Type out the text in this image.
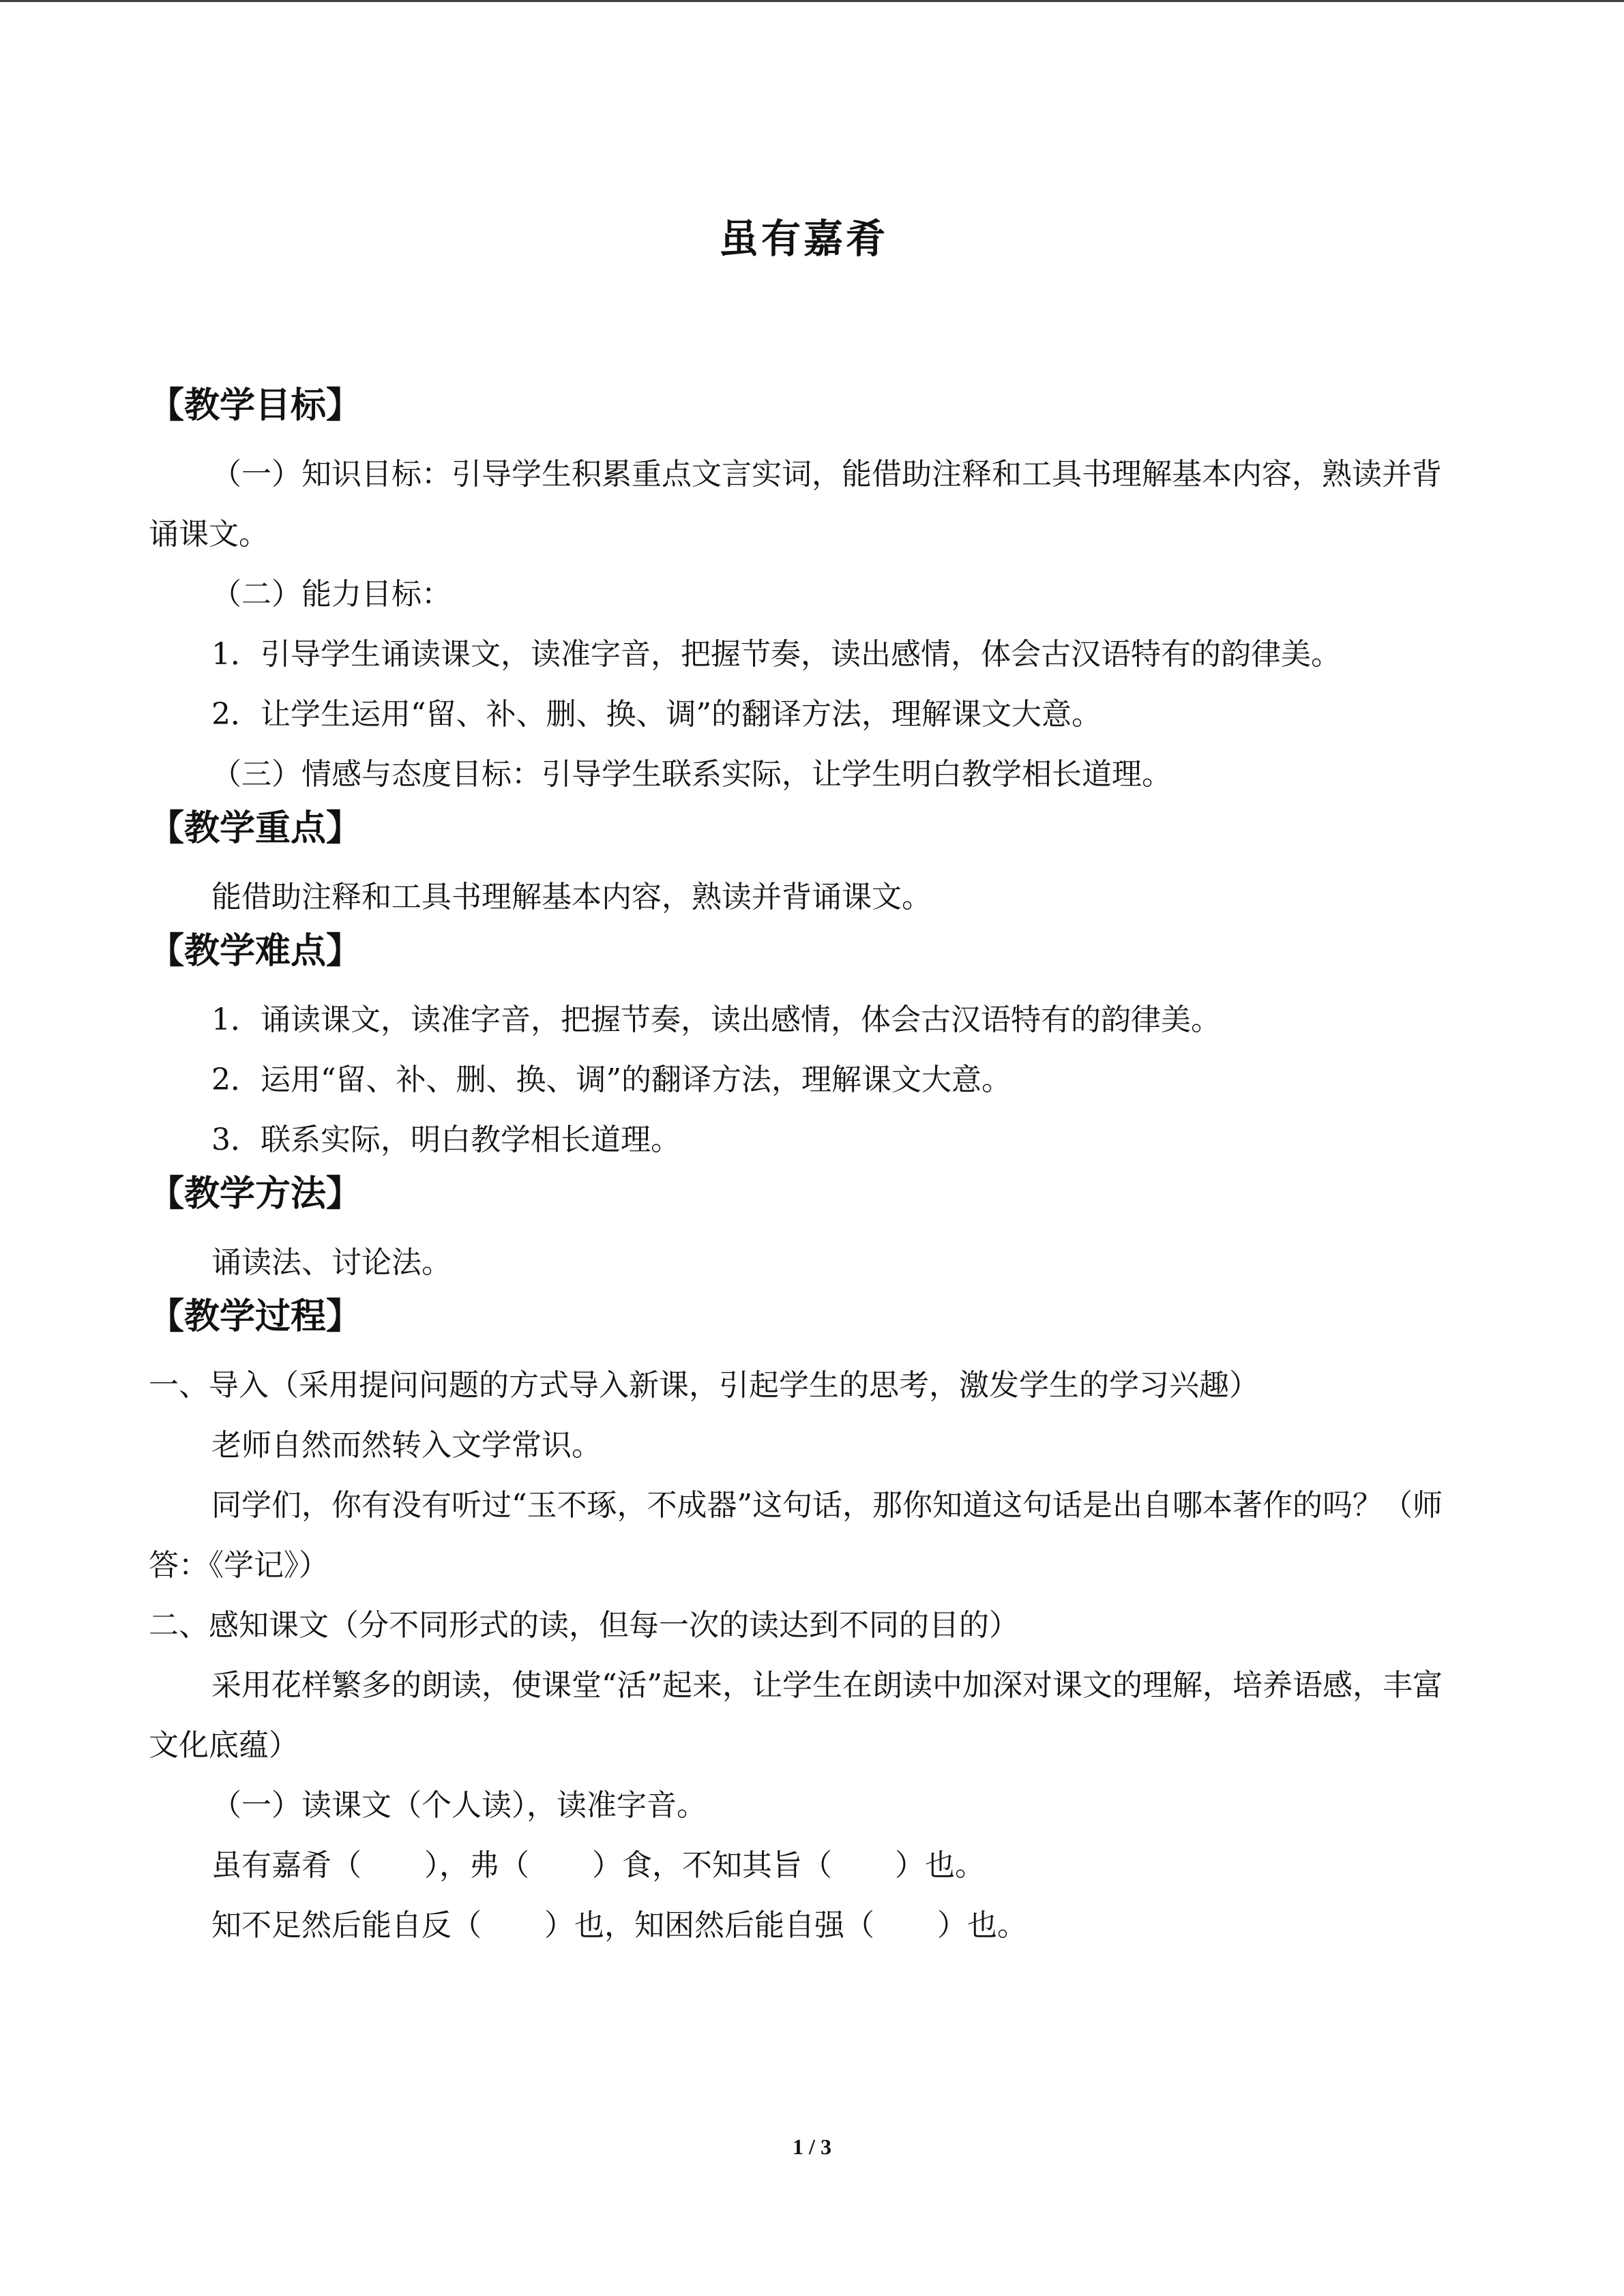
虽有嘉肴

【教学目标】

（一）知识目标：引导学生积累重点文言实词，能借助注释和工具书理解基本内容，熟读并背诵课文。

（二）能力目标：

1．引导学生诵读课文，读准字音，把握节奏，读出感情，体会古汉语特有的韵律美。

2．让学生运用“留、补、删、换、调”的翻译方法，理解课文大意。

（三）情感与态度目标：引导学生联系实际，让学生明白教学相长道理。

【教学重点】

能借助注释和工具书理解基本内容，熟读并背诵课文。

【教学难点】

1．诵读课文，读准字音，把握节奏，读出感情，体会古汉语特有的韵律美。

2．运用“留、补、删、换、调”的翻译方法，理解课文大意。

3．联系实际，明白教学相长道理。

【教学方法】

诵读法、讨论法。

【教学过程】

一、导入（采用提问问题的方式导入新课，引起学生的思考，激发学生的学习兴趣）

老师自然而然转入文学常识。

同学们，你有没有听过“玉不琢，不成器”这句话，那你知道这句话是出自哪本著作的吗？（师答：《学记》）

二、感知课文（分不同形式的读，但每一次的读达到不同的目的）

采用花样繁多的朗读，使课堂“活”起来，让学生在朗读中加深对课文的理解，培养语感，丰富文化底蕴）

（一）读课文（个人读），读准字音。

虽有嘉肴（ ），弗（ ）食，不知其旨（ ）也。

知不足然后能自反（ ）也，知困然后能自强（ ）也。

1 / 3
